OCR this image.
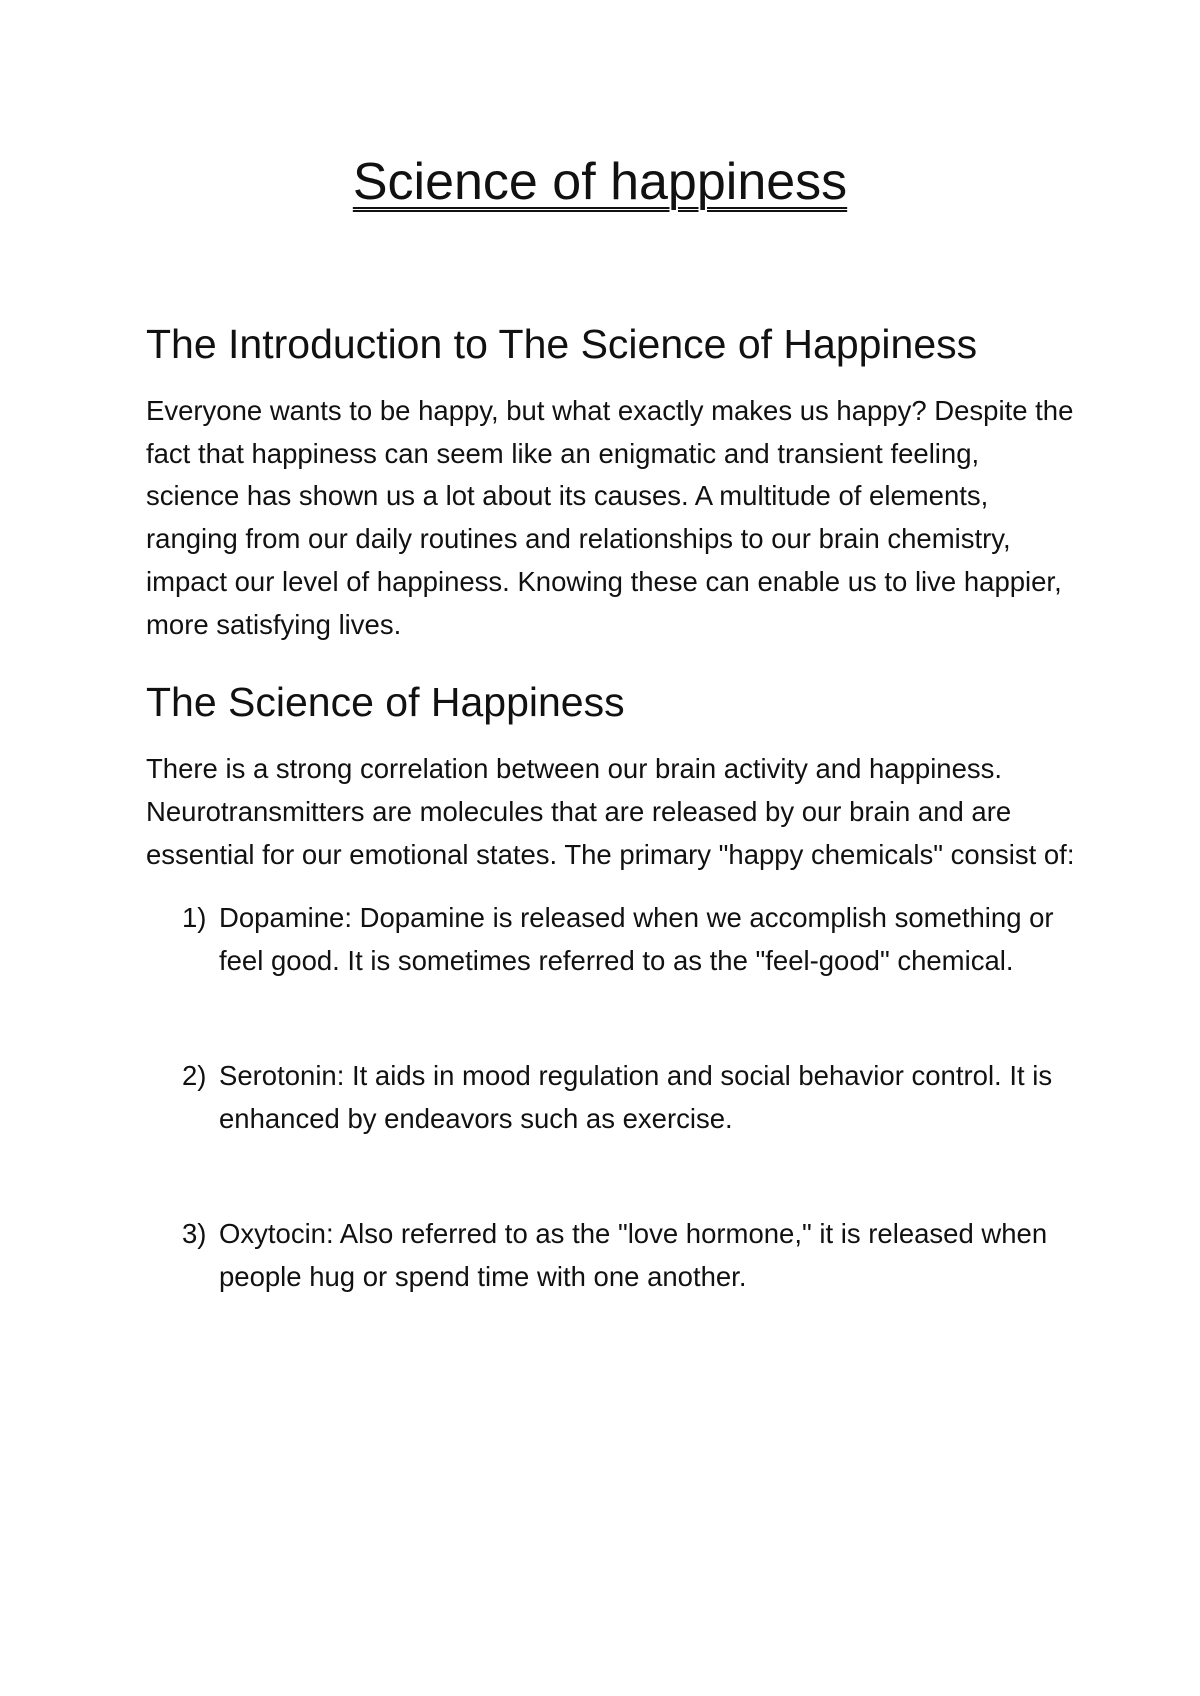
Science of happiness
The Introduction to The Science of Happiness

Everyone wants to be happy, but what exactly makes us happy? Despite the fact that happiness can seem like an enigmatic and transient feeling, science has shown us a lot about its causes. A multitude of elements, ranging from our daily routines and relationships to our brain chemistry, impact our level of happiness. Knowing these can enable us to live happier, more satisfying lives.

The Science of Happiness

There is a strong correlation between our brain activity and happiness. Neurotransmitters are molecules that are released by our brain and are essential for our emotional states. The primary "happy chemicals" consist of:

1) Dopamine: Dopamine is released when we accomplish something or feel good. It is sometimes referred to as the "feel-good" chemical.
2) Serotonin: It aids in mood regulation and social behavior control. It is enhanced by endeavors such as exercise.
3) Oxytocin: Also referred to as the "love hormone," it is released when people hug or spend time with one another.
